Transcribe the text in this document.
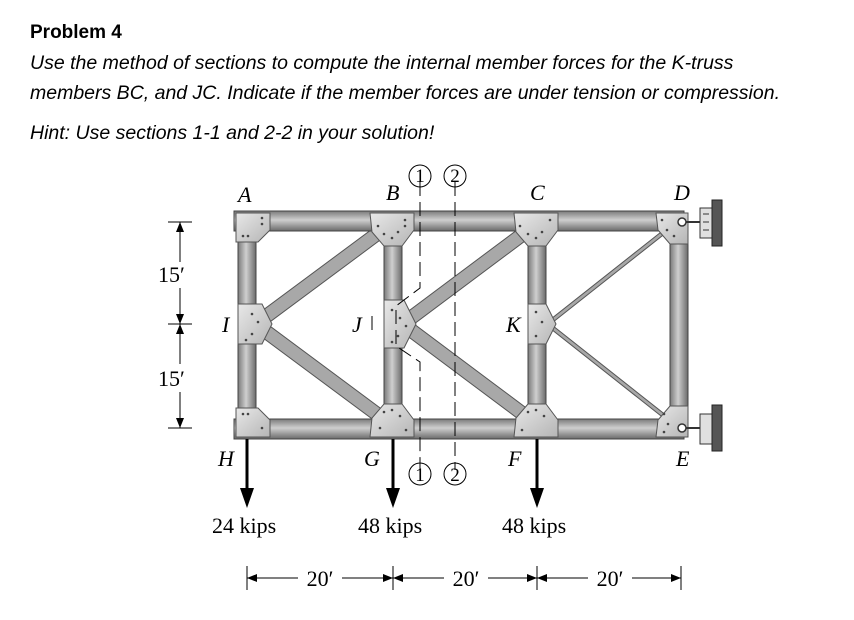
Problem 4
Use the method of sections to compute the internal member forces for the K-truss
members BC, and JC. Indicate if the member forces are under tension or compression.
Hint: Use sections 1-1 and 2-2 in your solution!
1 2
1 2
A	B	C	D
I	J	K
H	G	F	E
24 kips	48 kips	48 kips
15′
15′
20′	20′	20′
